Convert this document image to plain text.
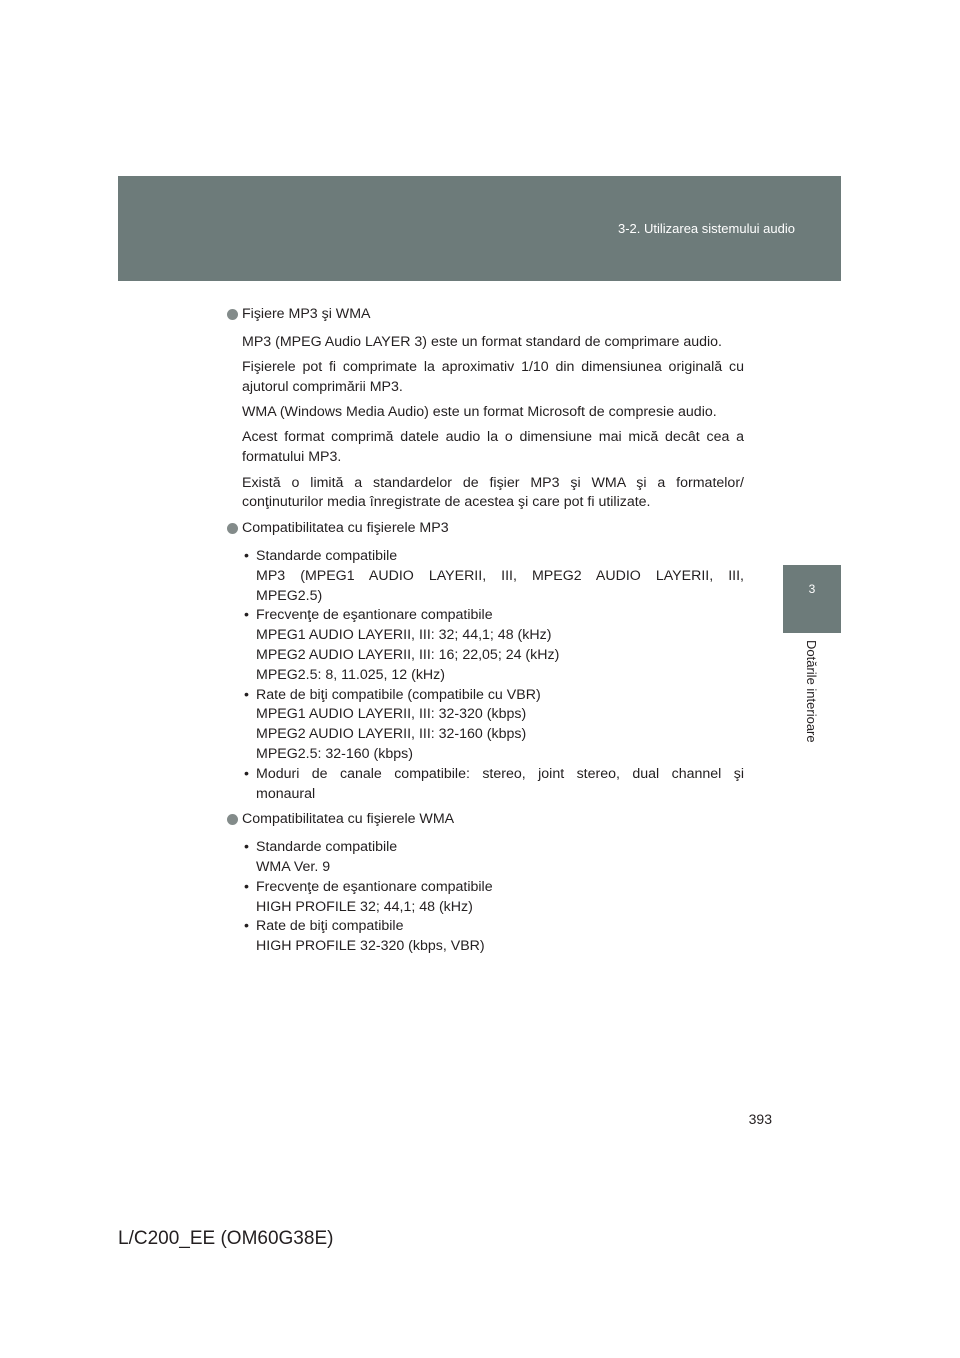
3-2. Utilizarea sistemului audio
3
Dotările interioare

Fişiere MP3 şi WMA

MP3 (MPEG Audio LAYER 3) este un format standard de comprimare audio.

Fişierele pot fi comprimate la aproximativ 1/10 din dimensiunea originală cu ajutorul comprimării MP3.

WMA (Windows Media Audio) este un format Microsoft de compresie audio.

Acest format comprimă datele audio la o dimensiune mai mică decât cea a formatului MP3.

Există o limită a standardelor de fişier MP3 şi WMA şi a formatelor/ conţinuturilor media înregistrate de acestea şi care pot fi utilizate.

Compatibilitatea cu fişierele MP3

• Standarde compatibile
MP3 (MPEG1 AUDIO LAYERII, III, MPEG2 AUDIO LAYERII, III,
MPEG2.5)
• Frecvenţe de eşantionare compatibile
MPEG1 AUDIO LAYERII, III: 32; 44,1; 48 (kHz)
MPEG2 AUDIO LAYERII, III: 16; 22,05; 24 (kHz)
MPEG2.5: 8, 11.025, 12 (kHz)
• Rate de biţi compatibile (compatibile cu VBR)
MPEG1 AUDIO LAYERII, III: 32-320 (kbps)
MPEG2 AUDIO LAYERII, III: 32-160 (kbps)
MPEG2.5: 32-160 (kbps)
• Moduri de canale compatibile: stereo, joint stereo, dual channel şi
monaural

Compatibilitatea cu fişierele WMA

• Standarde compatibile
WMA Ver. 9
• Frecvenţe de eşantionare compatibile
HIGH PROFILE 32; 44,1; 48 (kHz)
• Rate de biţi compatibile
HIGH PROFILE 32-320 (kbps, VBR)
393
L/C200_EE (OM60G38E)
